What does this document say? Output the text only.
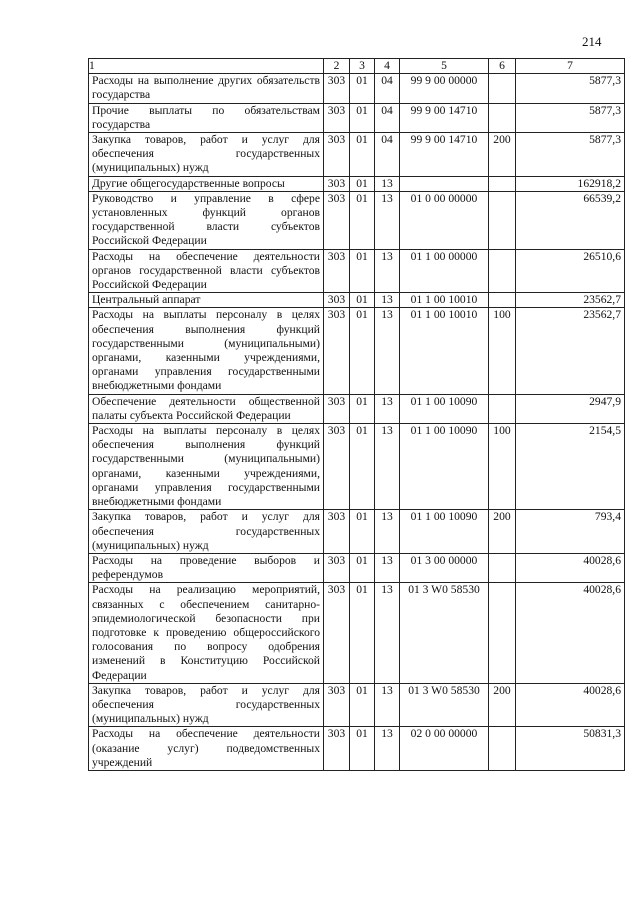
214
1	2	3	4	5	6	7
Расходы на выполнение других обязательств государства	303	01	04	99 9 00 00000		5877,3
Прочие выплаты по обязательствам государства	303	01	04	99 9 00 14710		5877,3
Закупка товаров, работ и услуг для обеспечения государственных (муниципальных) нужд	303	01	04	99 9 00 14710	200	5877,3
Другие общегосударственные вопросы	303	01	13			162918,2
Руководство и управление в сфере установленных функций органов государственной власти субъектов Российской Федерации	303	01	13	01 0 00 00000		66539,2
Расходы на обеспечение деятельности органов государственной власти субъектов Российской Федерации	303	01	13	01 1 00 00000		26510,6
Центральный аппарат	303	01	13	01 1 00 10010		23562,7
Расходы на выплаты персоналу в целях обеспечения выполнения функций государственными (муниципальными) органами, казенными учреждениями, органами управления государственными внебюджетными фондами	303	01	13	01 1 00 10010	100	23562,7
Обеспечение деятельности общественной палаты субъекта Российской Федерации	303	01	13	01 1 00 10090		2947,9
Расходы на выплаты персоналу в целях обеспечения выполнения функций государственными (муниципальными) органами, казенными учреждениями, органами управления государственными внебюджетными фондами	303	01	13	01 1 00 10090	100	2154,5
Закупка товаров, работ и услуг для обеспечения государственных (муниципальных) нужд	303	01	13	01 1 00 10090	200	793,4
Расходы на проведение выборов и референдумов	303	01	13	01 3 00 00000		40028,6
Расходы на реализацию мероприятий, связанных с обеспечением санитарно-эпидемиологической безопасности при подготовке к проведению общероссийского голосования по вопросу одобрения изменений в Конституцию Российской Федерации	303	01	13	01 3 W0 58530		40028,6
Закупка товаров, работ и услуг для обеспечения государственных (муниципальных) нужд	303	01	13	01 3 W0 58530	200	40028,6
Расходы на обеспечение деятельности (оказание услуг) подведомственных учреждений	303	01	13	02 0 00 00000		50831,3
